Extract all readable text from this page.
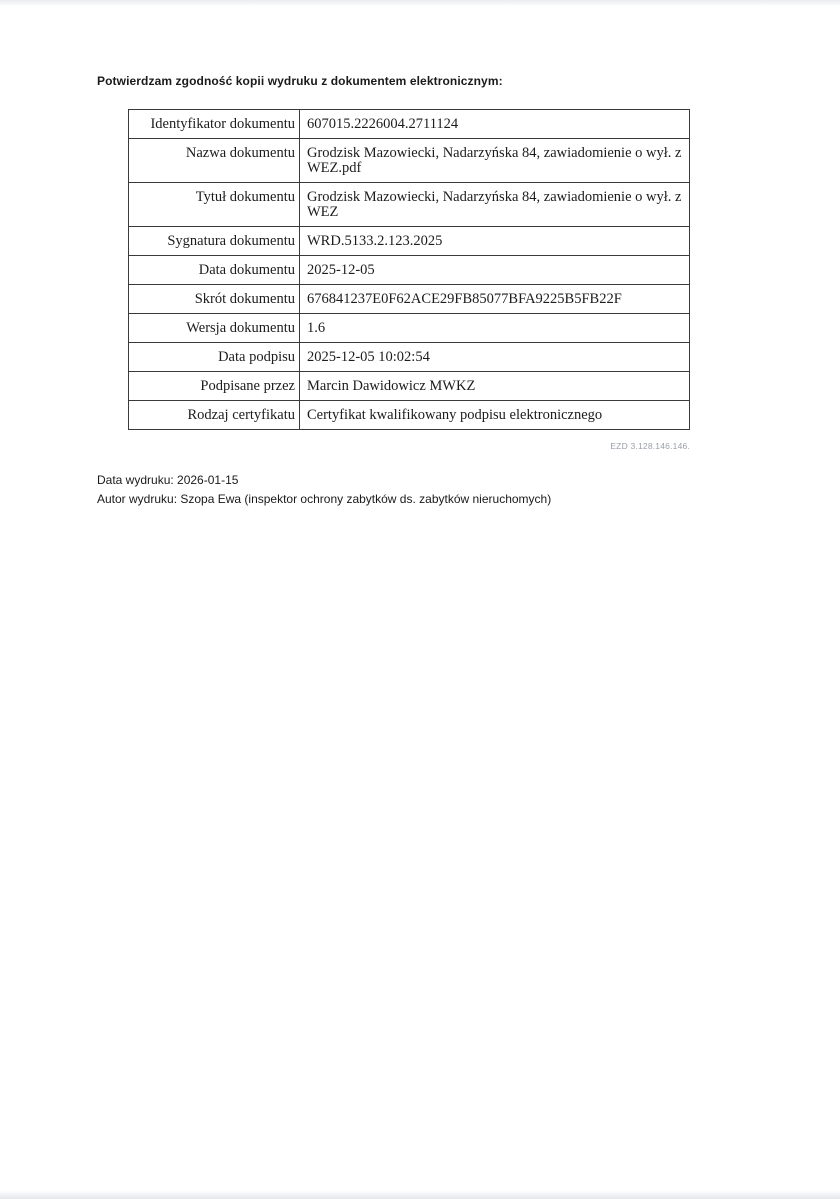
Potwierdzam zgodność kopii wydruku z dokumentem elektronicznym:
Identyfikator dokumentu	607015.2226004.2711124
Nazwa dokumentu	Grodzisk Mazowiecki, Nadarzyńska 84, zawiadomienie o wył. z WEZ.pdf
Tytuł dokumentu	Grodzisk Mazowiecki, Nadarzyńska 84, zawiadomienie o wył. z WEZ
Sygnatura dokumentu	WRD.5133.2.123.2025
Data dokumentu	2025-12-05
Skrót dokumentu	676841237E0F62ACE29FB85077BFA9225B5FB22F
Wersja dokumentu	1.6
Data podpisu	2025-12-05 10:02:54
Podpisane przez	Marcin Dawidowicz MWKZ
Rodzaj certyfikatu	Certyfikat kwalifikowany podpisu elektronicznego
EZD 3.128.146.146.
Data wydruku: 2026-01-15
Autor wydruku: Szopa Ewa (inspektor ochrony zabytków ds. zabytków nieruchomych)
